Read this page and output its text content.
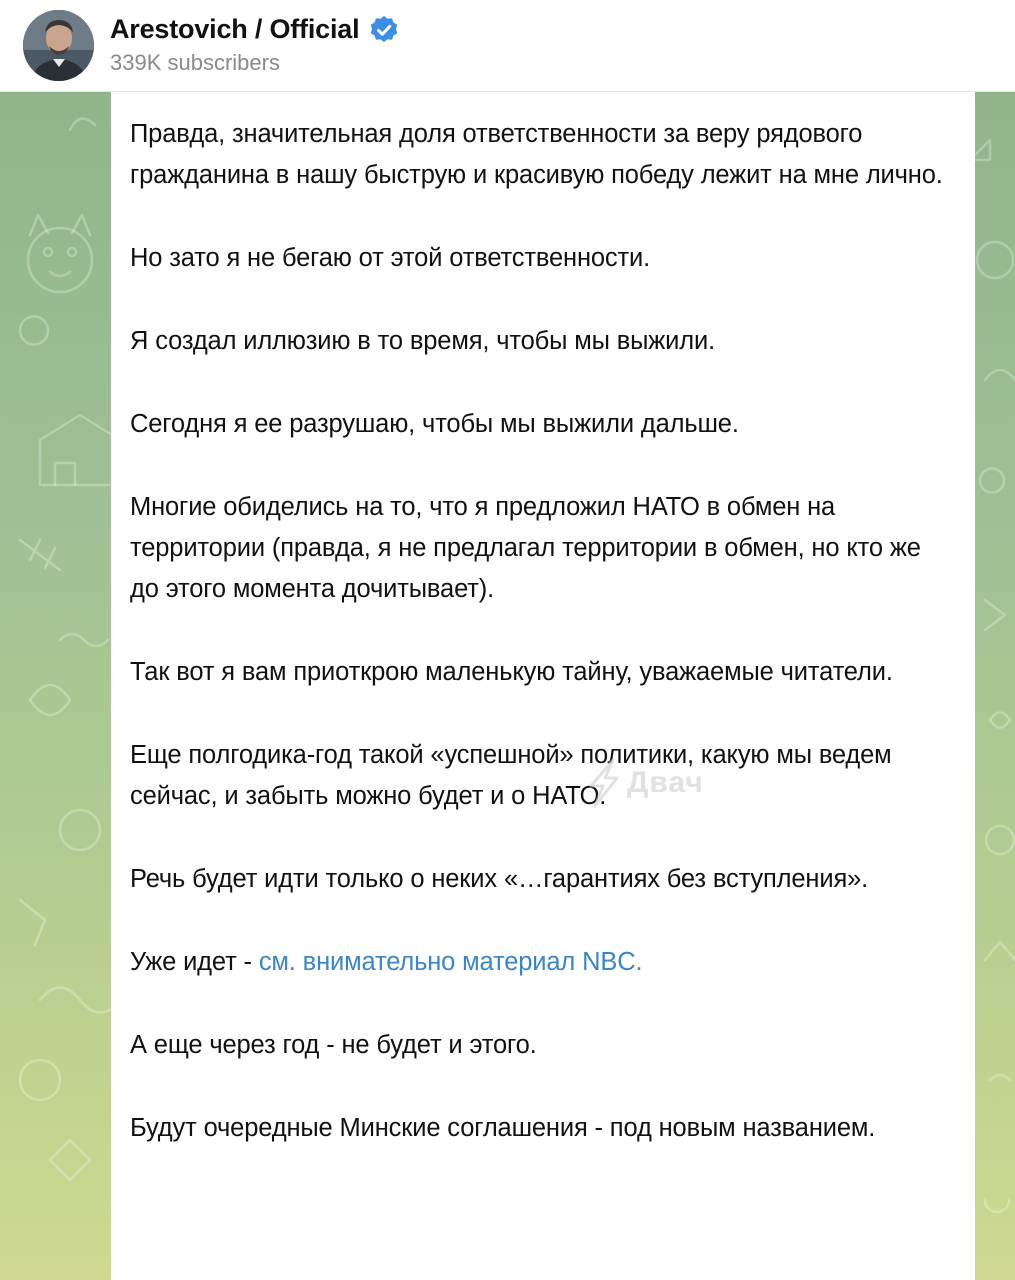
Arestovich / Official
339K subscribers

Правда, значительная доля ответственности за веру рядового гражданина в нашу быструю и красивую победу лежит на мне лично.

Но зато я не бегаю от этой ответственности.

Я создал иллюзию в то время, чтобы мы выжили.

Сегодня я ее разрушаю, чтобы мы выжили дальше.

Многие обиделись на то, что я предложил НАТО в обмен на территории (правда, я не предлагал территории в обмен, но кто же до этого момента дочитывает).

Так вот я вам приоткрою маленькую тайну, уважаемые читатели.

Еще полгодика-год такой «успешной» политики, какую мы ведем сейчас, и забыть можно будет и о НАТО.

Речь будет идти только о неких «…гарантиях без вступления».

Уже идет - см. внимательно материал NBC.

А еще через год - не будет и этого.

Будут очередные Минские соглашения - под новым названием.

Двач
